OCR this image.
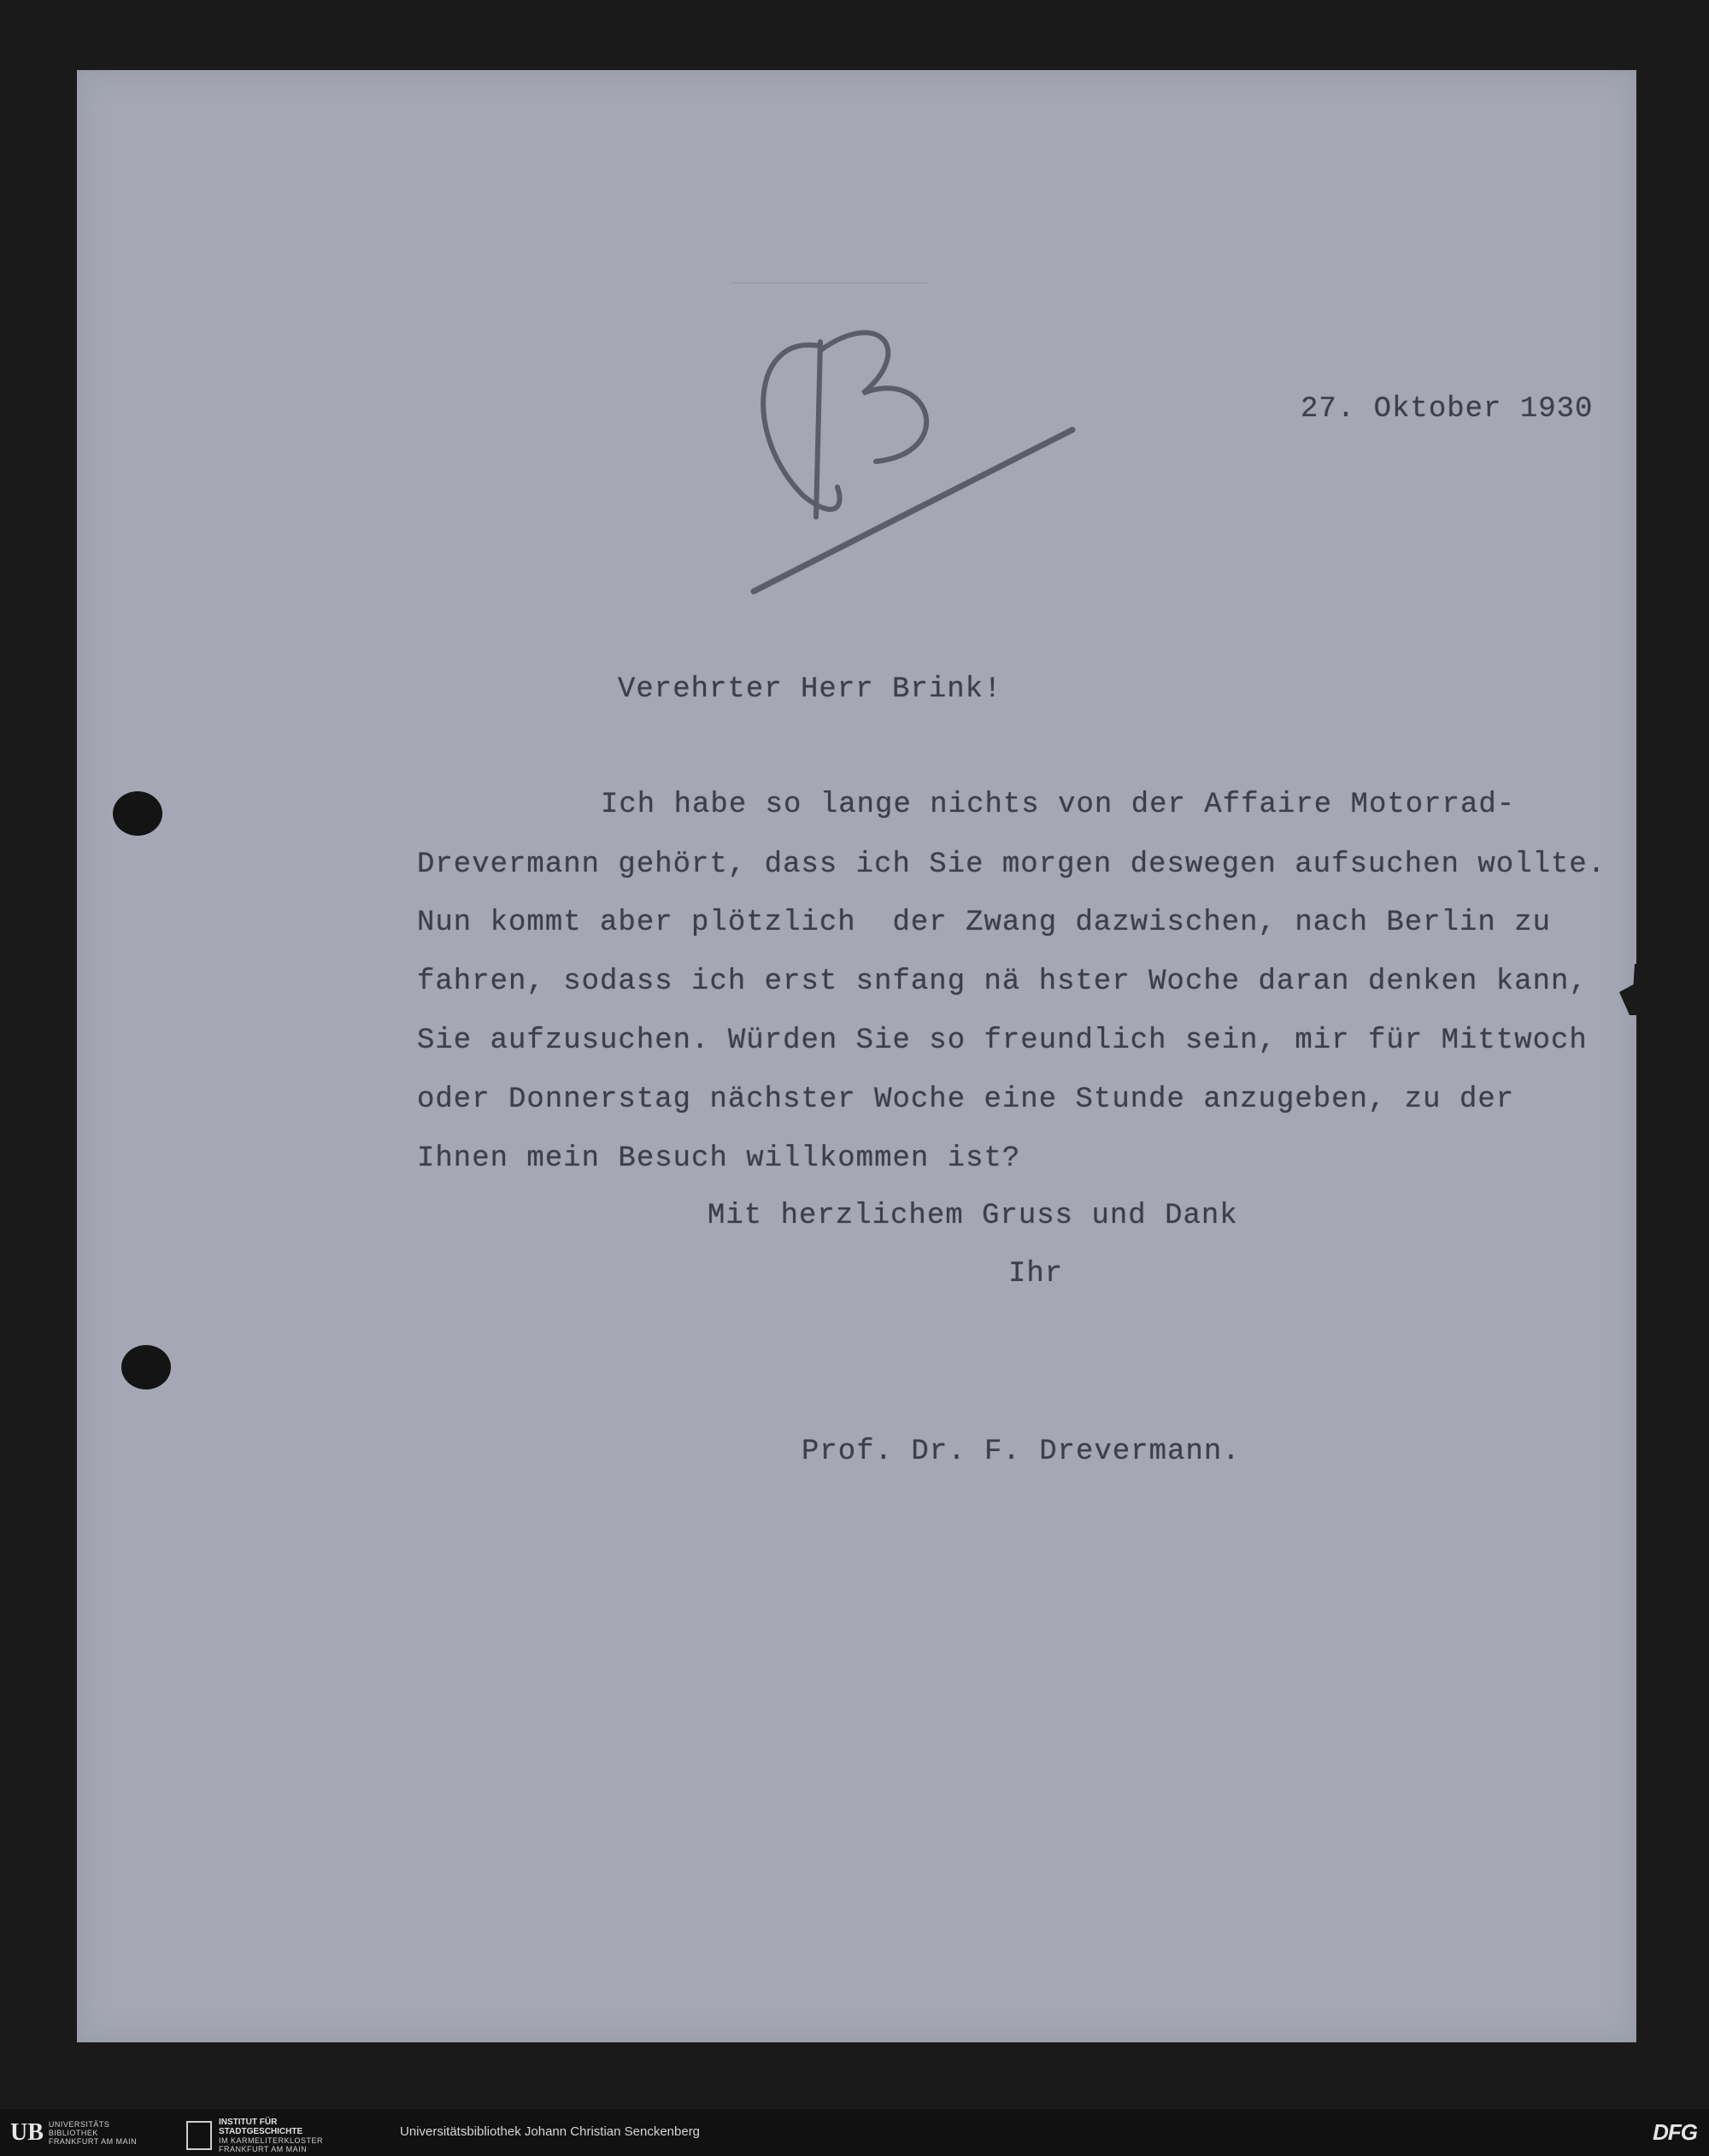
27. Oktober 1930
Verehrter Herr Brink!
Ich habe so lange nichts von der Affaire Motorrad-
Drevermann gehört, dass ich Sie morgen deswegen aufsuchen wollte.
Nun kommt aber plötzlich  der Zwang dazwischen, nach Berlin zu
fahren, sodass ich erst snfang nä hster Woche daran denken kann,
Sie aufzusuchen. Würden Sie so freundlich sein, mir für Mittwoch
oder Donnerstag nächster Woche eine Stunde anzugeben, zu der
Ihnen mein Besuch willkommen ist?
Mit herzlichem Gruss und Dank
Ihr
Prof. Dr. F. Drevermann.
UB UNIVERSITÄTS
BIBLIOTHEK
FRANKFURT AM MAIN
INSTITUT FÜR
STADTGESCHICHTE
IM KARMELITERKLOSTER
FRANKFURT AM MAIN
Universitätsbibliothek Johann Christian Senckenberg	DFG
